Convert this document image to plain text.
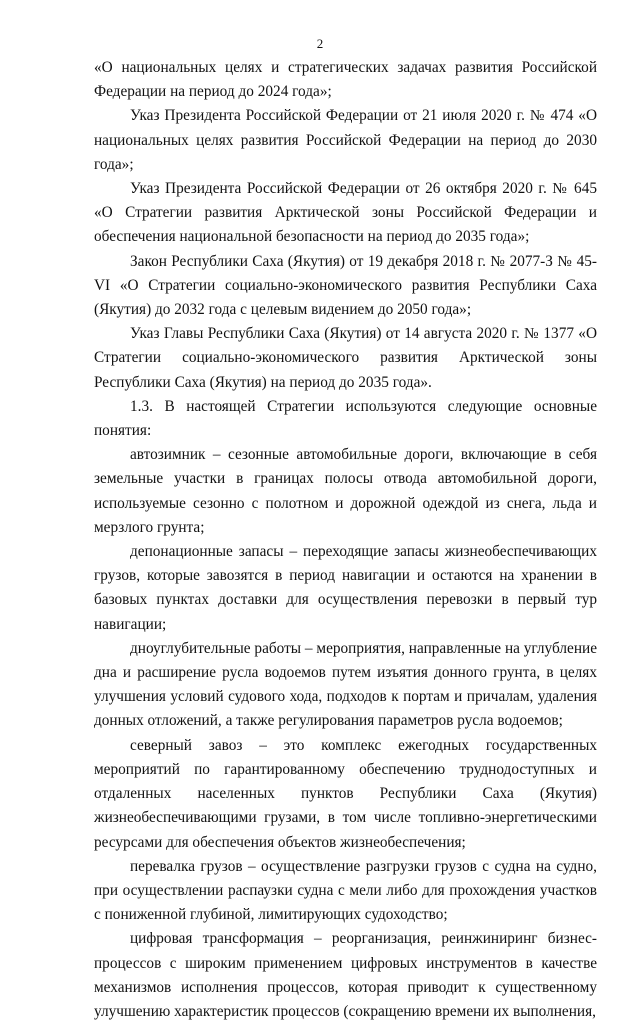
2

«О национальных целях и стратегических задачах развития Российской Федерации на период до 2024 года»;

Указ Президента Российской Федерации от 21 июля 2020 г. № 474 «О национальных целях развития Российской Федерации на период до 2030 года»;

Указ Президента Российской Федерации от 26 октября 2020 г. № 645 «О Стратегии развития Арктической зоны Российской Федерации и обеспечения национальной безопасности на период до 2035 года»;

Закон Республики Саха (Якутия) от 19 декабря 2018 г. № 2077-З № 45-VI «О Стратегии социально-экономического развития Республики Саха (Якутия) до 2032 года с целевым видением до 2050 года»;

Указ Главы Республики Саха (Якутия) от 14 августа 2020 г. № 1377 «О Стратегии социально-экономического развития Арктической зоны Республики Саха (Якутия) на период до 2035 года».

1.3. В настоящей Стратегии используются следующие основные понятия:

автозимник – сезонные автомобильные дороги, включающие в себя земельные участки в границах полосы отвода автомобильной дороги, используемые сезонно с полотном и дорожной одеждой из снега, льда и мерзлого грунта;

депонационные запасы – переходящие запасы жизнеобеспечивающих грузов, которые завозятся в период навигации и остаются на хранении в базовых пунктах доставки для осуществления перевозки в первый тур навигации;

дноуглубительные работы – мероприятия, направленные на углубление дна и расширение русла водоемов путем изъятия донного грунта, в целях улучшения условий судового хода, подходов к портам и причалам, удаления донных отложений, а также регулирования параметров русла водоемов;

северный завоз – это комплекс ежегодных государственных мероприятий по гарантированному обеспечению труднодоступных и отдаленных населенных пунктов Республики Саха (Якутия) жизнеобеспечивающими грузами, в том числе топливно-энергетическими ресурсами для обеспечения объектов жизнеобеспечения;

перевалка грузов – осуществление разгрузки грузов с судна на судно, при осуществлении распаузки судна с мели либо для прохождения участков с пониженной глубиной, лимитирующих судоходство;

цифровая трансформация – реорганизация, реинжиниринг бизнес-процессов с широким применением цифровых инструментов в качестве механизмов исполнения процессов, которая приводит к существенному улучшению характеристик процессов (сокращению времени их выполнения,
